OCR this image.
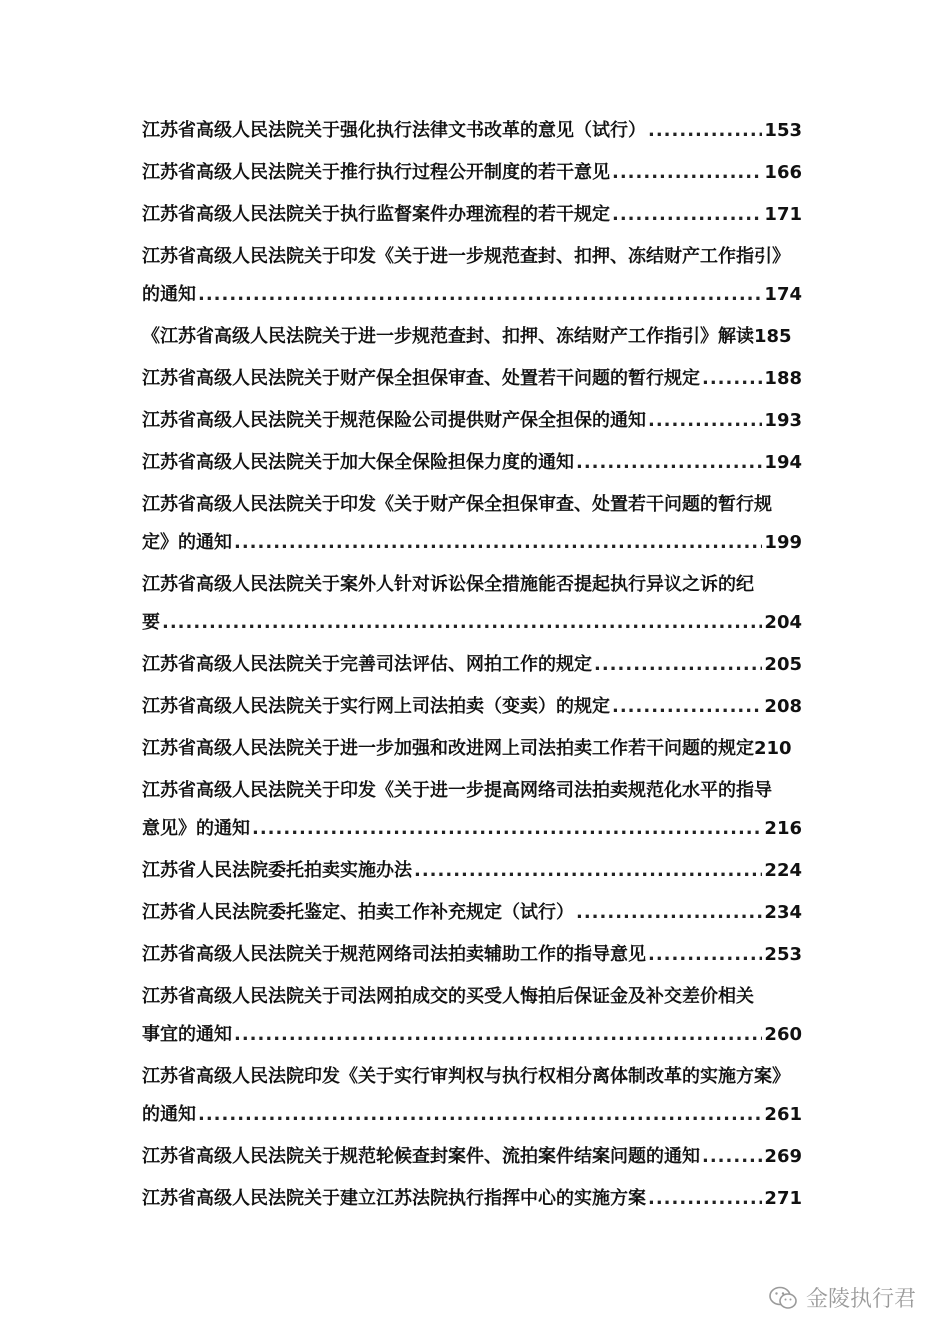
江苏省高级人民法院关于强化执行法律文书改革的意见（试行） .....	153
江苏省高级人民法院关于推行执行过程公开制度的若干意见 .....	166
江苏省高级人民法院关于执行监督案件办理流程的若干规定 .....	171
江苏省高级人民法院关于印发《关于进一步规范查封、扣押、冻结财产工作指引》
的通知 .....	174
《江苏省高级人民法院关于进一步规范查封、扣押、冻结财产工作指引》解读 185
江苏省高级人民法院关于财产保全担保审查、处置若干问题的暂行规定 .....	188
江苏省高级人民法院关于规范保险公司提供财产保全担保的通知 .....	193
江苏省高级人民法院关于加大保全保险担保力度的通知 .....	194
江苏省高级人民法院关于印发《关于财产保全担保审查、处置若干问题的暂行规
定》的通知 .....	199
江苏省高级人民法院关于案外人针对诉讼保全措施能否提起执行异议之诉的纪
要 .....	204
江苏省高级人民法院关于完善司法评估、网拍工作的规定 .....	205
江苏省高级人民法院关于实行网上司法拍卖（变卖）的规定 .....	208
江苏省高级人民法院关于进一步加强和改进网上司法拍卖工作若干问题的规定 210
江苏省高级人民法院关于印发《关于进一步提高网络司法拍卖规范化水平的指导
意见》的通知 .....	216
江苏省人民法院委托拍卖实施办法 .....	224
江苏省人民法院委托鉴定、拍卖工作补充规定（试行） .....	234
江苏省高级人民法院关于规范网络司法拍卖辅助工作的指导意见 .....	253
江苏省高级人民法院关于司法网拍成交的买受人悔拍后保证金及补交差价相关
事宜的通知 .....	260
江苏省高级人民法院印发《关于实行审判权与执行权相分离体制改革的实施方案》
的通知 .....	261
江苏省高级人民法院关于规范轮候查封案件、流拍案件结案问题的通知 .....	269
江苏省高级人民法院关于建立江苏法院执行指挥中心的实施方案 .....	271
金陵执行君
